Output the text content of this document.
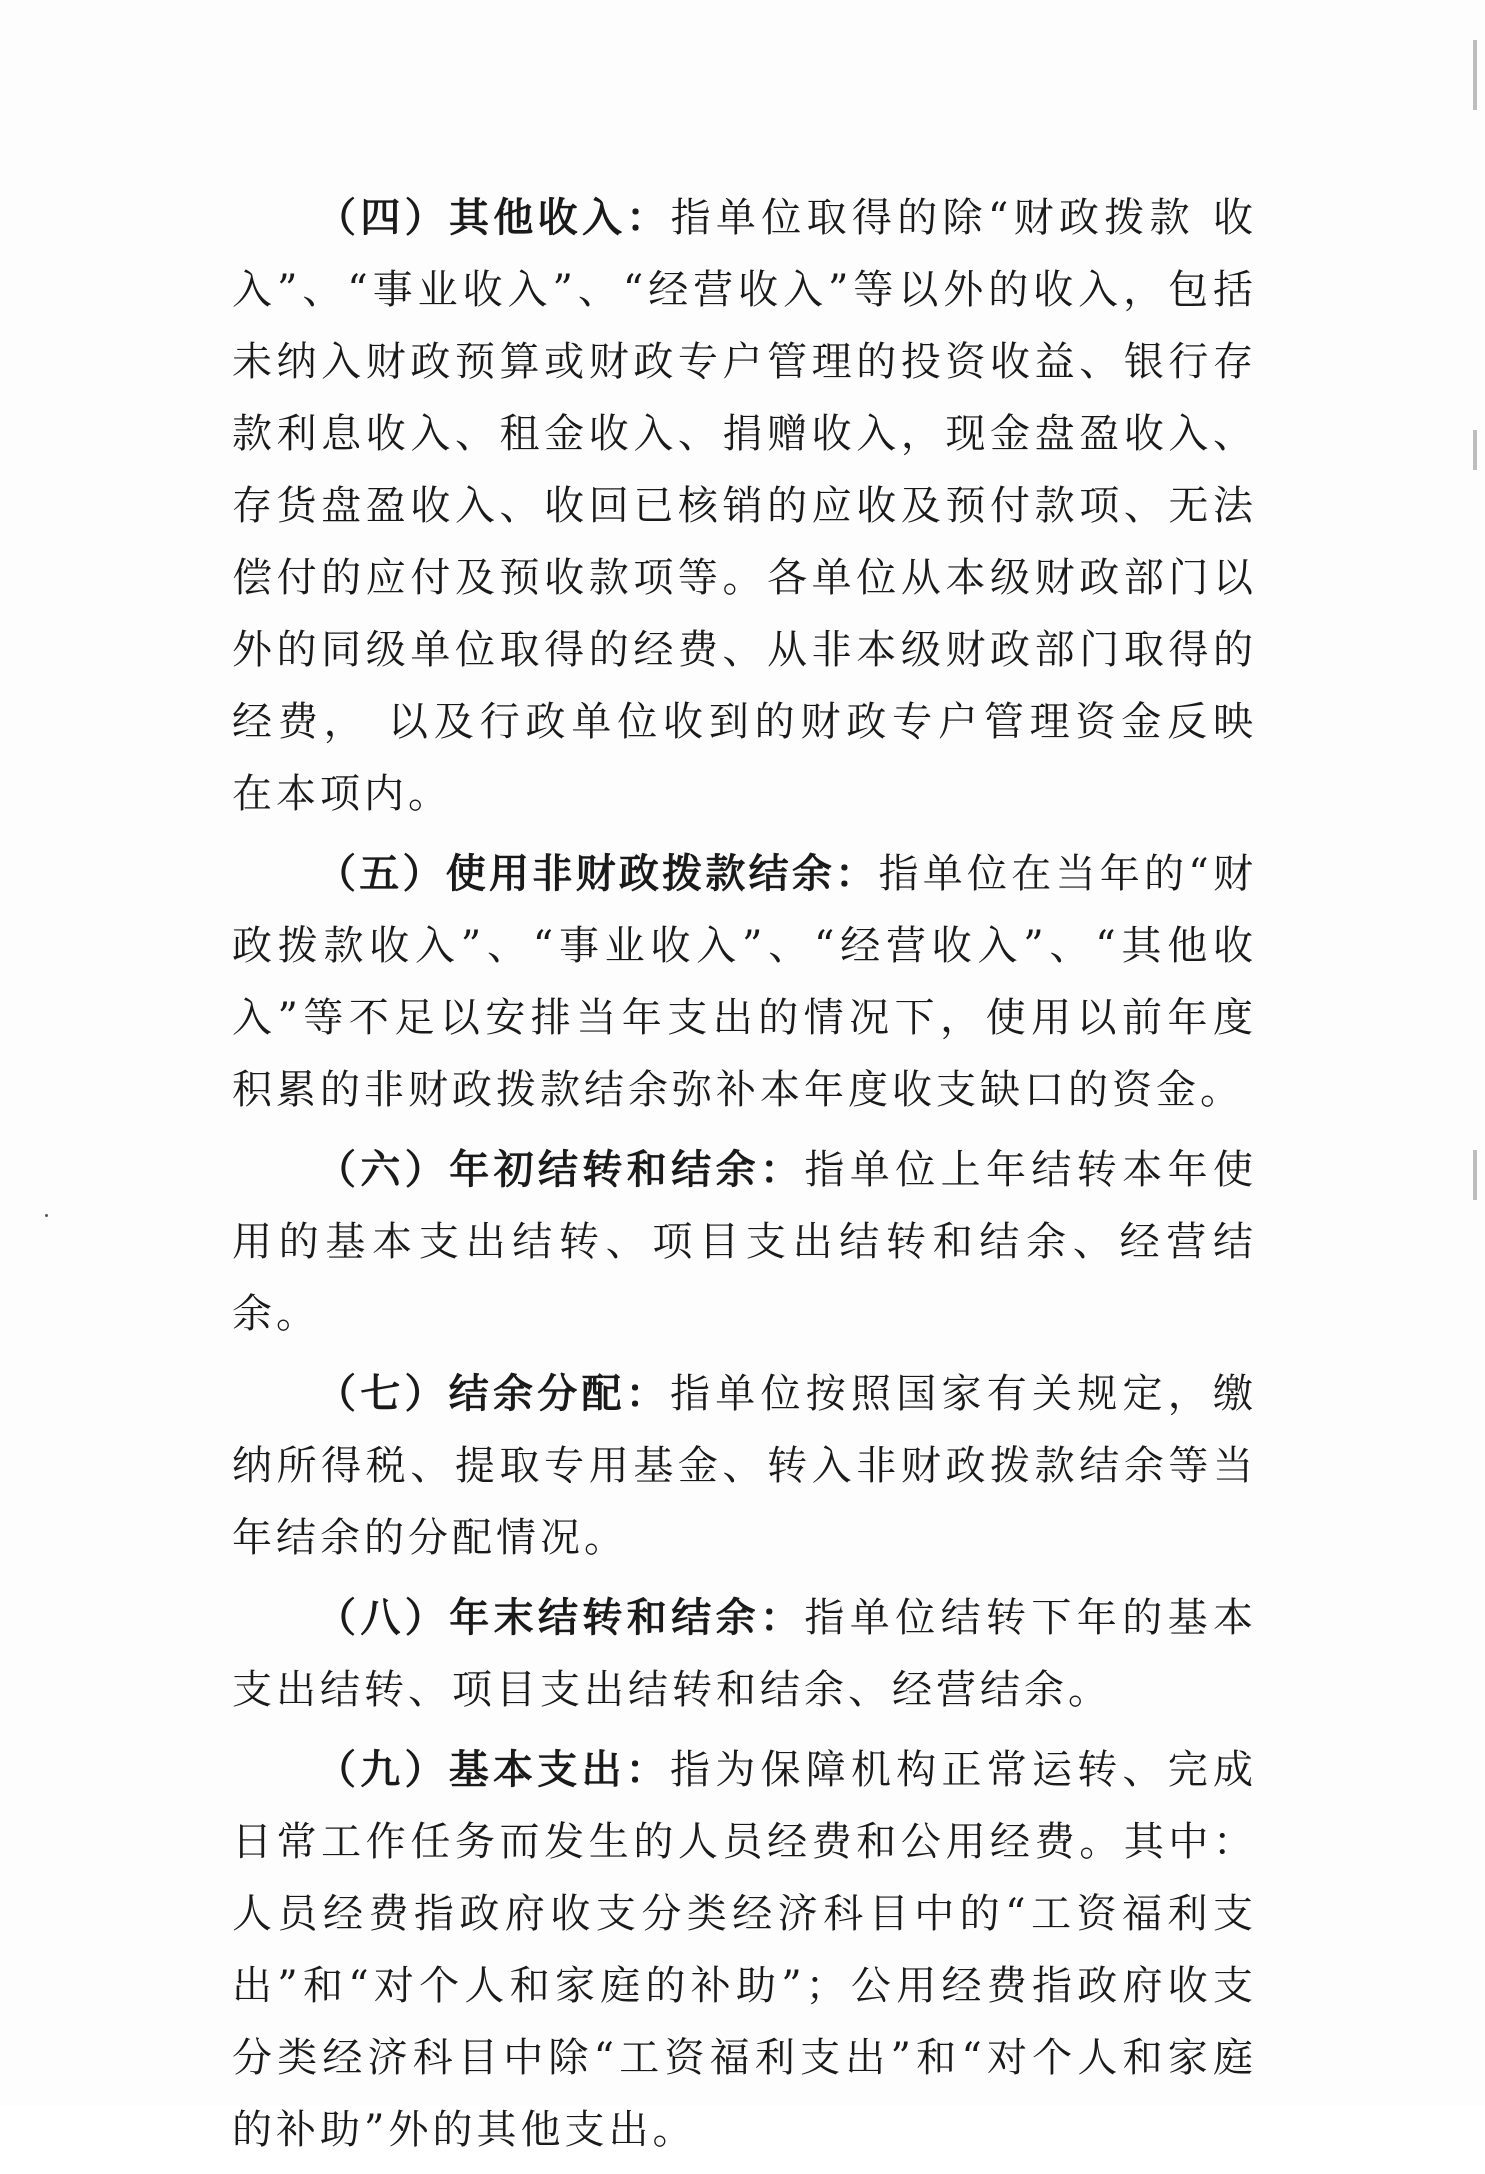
（四）其他收入：指单位取得的除“财政拨款 收入”、“事业收入”、“经营收入”等以外的收入，包括未纳入财政预算或财政专户管理的投资收益、银行存款利息收入、租金收入、捐赠收入，现金盘盈收入、 存货盘盈收入、收回已核销的应收及预付款项、无法偿付的应付及预收款项等。各单位从本级财政部门以外的同级单位取得的经费、从非本级财政部门取得的经费， 以及行政单位收到的财政专户管理资金反映在本项内。

（五）使用非财政拨款结余：指单位在当年的“财政拨款收入”、“事业收入”、“经营收入”、“其他收入”等不足以安排当年支出的情况下，使用以前年度积累的非财政拨款结余弥补本年度收支缺口的资金。

（六）年初结转和结余：指单位上年结转本年使用的基本支出结转、项目支出结转和结余、经营结余。

（七）结余分配：指单位按照国家有关规定，缴纳所得税、提取专用基金、转入非财政拨款结余等当年结余的分配情况。

（八）年末结转和结余：指单位结转下年的基本支出结转、项目支出结转和结余、经营结余。

（九）基本支出：指为保障机构正常运转、完成日常工作任务而发生的人员经费和公用经费。其中：人员经费指政府收支分类经济科目中的“工资福利支出”和“对个人和家庭的补助”；公用经费指政府收支分类经济科目中除“工资福利支出”和“对个人和家庭的补助”外的其他支出。
